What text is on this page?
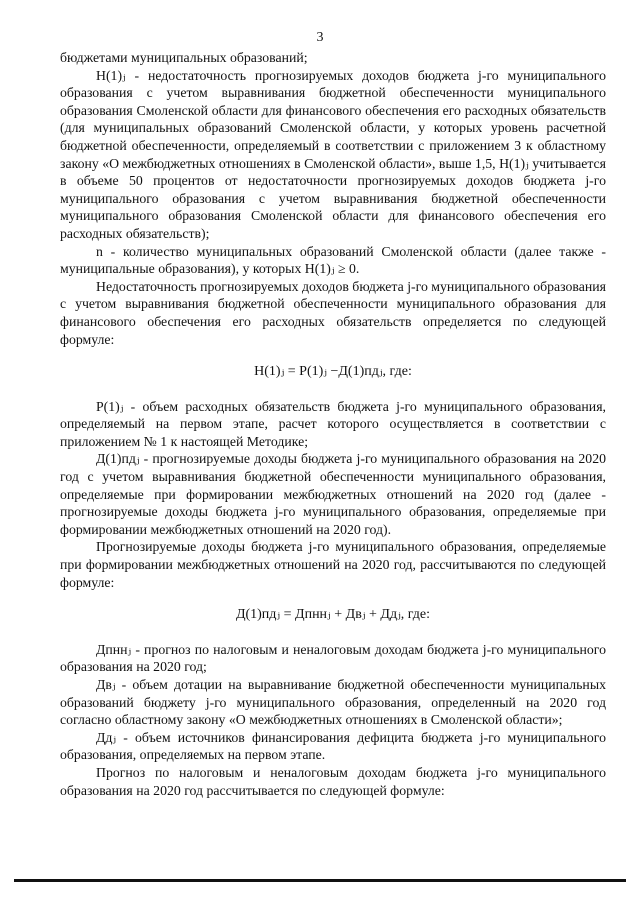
3

бюджетами муниципальных образований;

Н(1)ⱼ - недостаточность прогнозируемых доходов бюджета j-го муниципального образования с учетом выравнивания бюджетной обеспеченности муниципального образования Смоленской области для финансового обеспечения его расходных обязательств (для муниципальных образований Смоленской области, у которых уровень расчетной бюджетной обеспеченности, определяемый в соответствии с приложением 3 к областному закону «О межбюджетных отношениях в Смоленской области», выше 1,5, Н(1)ⱼ учитывается в объеме 50 процентов от недостаточности прогнозируемых доходов бюджета j-го муниципального образования с учетом выравнивания бюджетной обеспеченности муниципального образования Смоленской области для финансового обеспечения его расходных обязательств);

n - количество муниципальных образований Смоленской области (далее также - муниципальные образования), у которых Н(1)ⱼ ≥ 0.

Недостаточность прогнозируемых доходов бюджета j-го муниципального образования с учетом выравнивания бюджетной обеспеченности муниципального образования для финансового обеспечения его расходных обязательств определяется по следующей формуле:

Н(1)ⱼ = Р(1)ⱼ −Д(1)пдⱼ, где:

Р(1)ⱼ - объем расходных обязательств бюджета j-го муниципального образования, определяемый на первом этапе, расчет которого осуществляется в соответствии с приложением № 1 к настоящей Методике;

Д(1)пдⱼ - прогнозируемые доходы бюджета j-го муниципального образования на 2020 год с учетом выравнивания бюджетной обеспеченности муниципального образования, определяемые при формировании межбюджетных отношений на 2020 год (далее - прогнозируемые доходы бюджета j-го муниципального образования, определяемые при формировании межбюджетных отношений на 2020 год).

Прогнозируемые доходы бюджета j-го муниципального образования, определяемые при формировании межбюджетных отношений на 2020 год, рассчитываются по следующей формуле:

Д(1)пдⱼ = Дпннⱼ + Двⱼ + Ддⱼ, где:

Дпннⱼ - прогноз по налоговым и неналоговым доходам бюджета j-го муниципального образования на 2020 год;

Двⱼ - объем дотации на выравнивание бюджетной обеспеченности муниципальных образований бюджету j-го муниципального образования, определенный на 2020 год согласно областному закону «О межбюджетных отношениях в Смоленской области»;

Ддⱼ - объем источников финансирования дефицита бюджета j-го муниципального образования, определяемых на первом этапе.

Прогноз по налоговым и неналоговым доходам бюджета j-го муниципального образования на 2020 год рассчитывается по следующей формуле:
